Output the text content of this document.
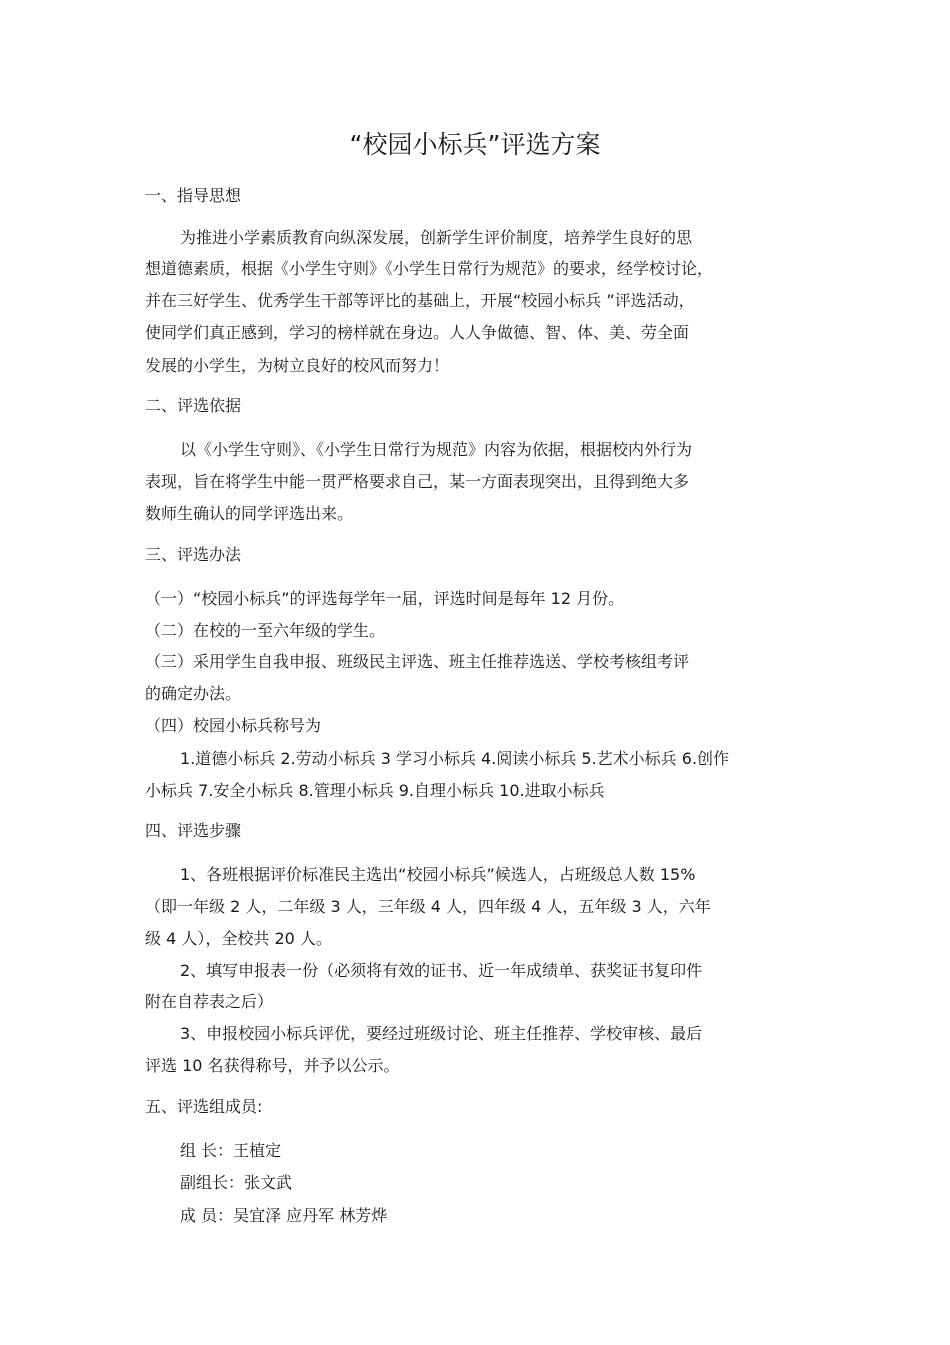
“校园小标兵”评选方案
一、指导思想
为推进小学素质教育向纵深发展，创新学生评价制度，培养学生良好的思
想道德素质，根据《小学生守则》《小学生日常行为规范》的要求，经学校讨论，
并在三好学生、优秀学生干部等评比的基础上，开展“校园小标兵 ”评选活动，
使同学们真正感到，学习的榜样就在身边。人人争做德、智、体、美、劳全面
发展的小学生，为树立良好的校风而努力！
二、评选依据
以《小学生守则》、《小学生日常行为规范》内容为依据，根据校内外行为
表现，旨在将学生中能一贯严格要求自己，某一方面表现突出，且得到绝大多
数师生确认的同学评选出来。
三、评选办法
（一）“校园小标兵”的评选每学年一届，评选时间是每年 12 月份。
（二）在校的一至六年级的学生。
（三）采用学生自我申报、班级民主评选、班主任推荐选送、学校考核组考评
的确定办法。
（四）校园小标兵称号为
1.道德小标兵 2.劳动小标兵 3 学习小标兵 4.阅读小标兵 5.艺术小标兵 6.创作
小标兵 7.安全小标兵 8.管理小标兵 9.自理小标兵 10.进取小标兵
四、评选步骤
1、各班根据评价标准民主选出“校园小标兵”候选人，占班级总人数 15%
（即一年级 2 人，二年级 3 人，三年级 4 人，四年级 4 人，五年级 3 人，六年
级 4 人），全校共 20 人。
2、填写申报表一份（必须将有效的证书、近一年成绩单、获奖证书复印件
附在自荐表之后）
3、申报校园小标兵评优，要经过班级讨论、班主任推荐、学校审核、最后
评选 10 名获得称号，并予以公示。
五、评选组成员:
组 长：王植定
副组长：张文武
成 员：吴宜泽 应丹军 林芳烨
